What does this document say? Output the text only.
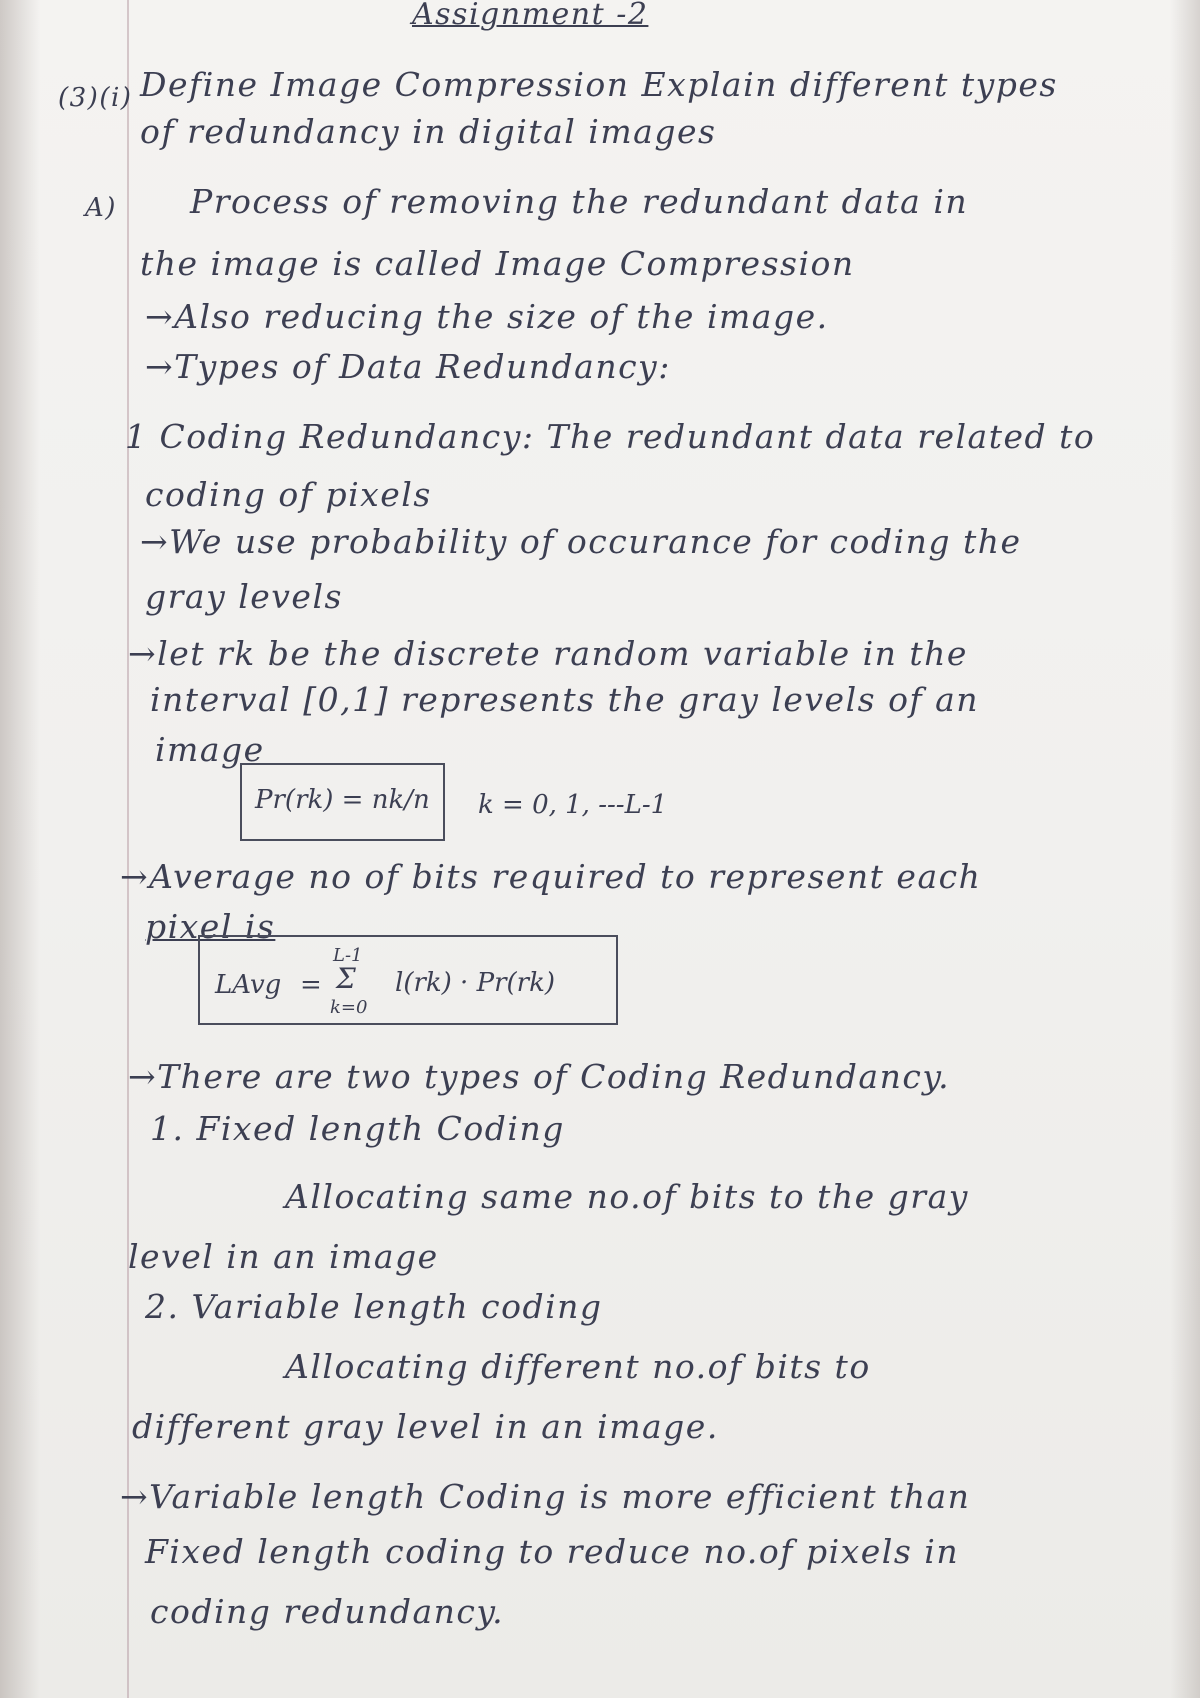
Assignment -2
(3)(i) Define Image Compression Explain different types
of redundancy in digital images
A) Process of removing the redundant data in
the image is called Image Compression
→Also reducing the size of the image.
→Types of Data Redundancy:
1 Coding Redundancy: The redundant data related to
coding of pixels
→We use probability of occurance for coding the
gray levels
→let rk be the discrete random variable in the
interval [0,1] represents the gray levels of an
image
Pr(rk) = nk/n k = 0, 1, ---L-1
→Average no of bits required to represent each
pixel is
LAvg =
L-1
Σ
k=0
l(rk) · Pr(rk)
→There are two types of Coding Redundancy.
1. Fixed length Coding
Allocating same no.of bits to the gray
level in an image
2. Variable length coding
Allocating different no.of bits to
different gray level in an image.
→Variable length Coding is more efficient than
Fixed length coding to reduce no.of pixels in
coding redundancy.
